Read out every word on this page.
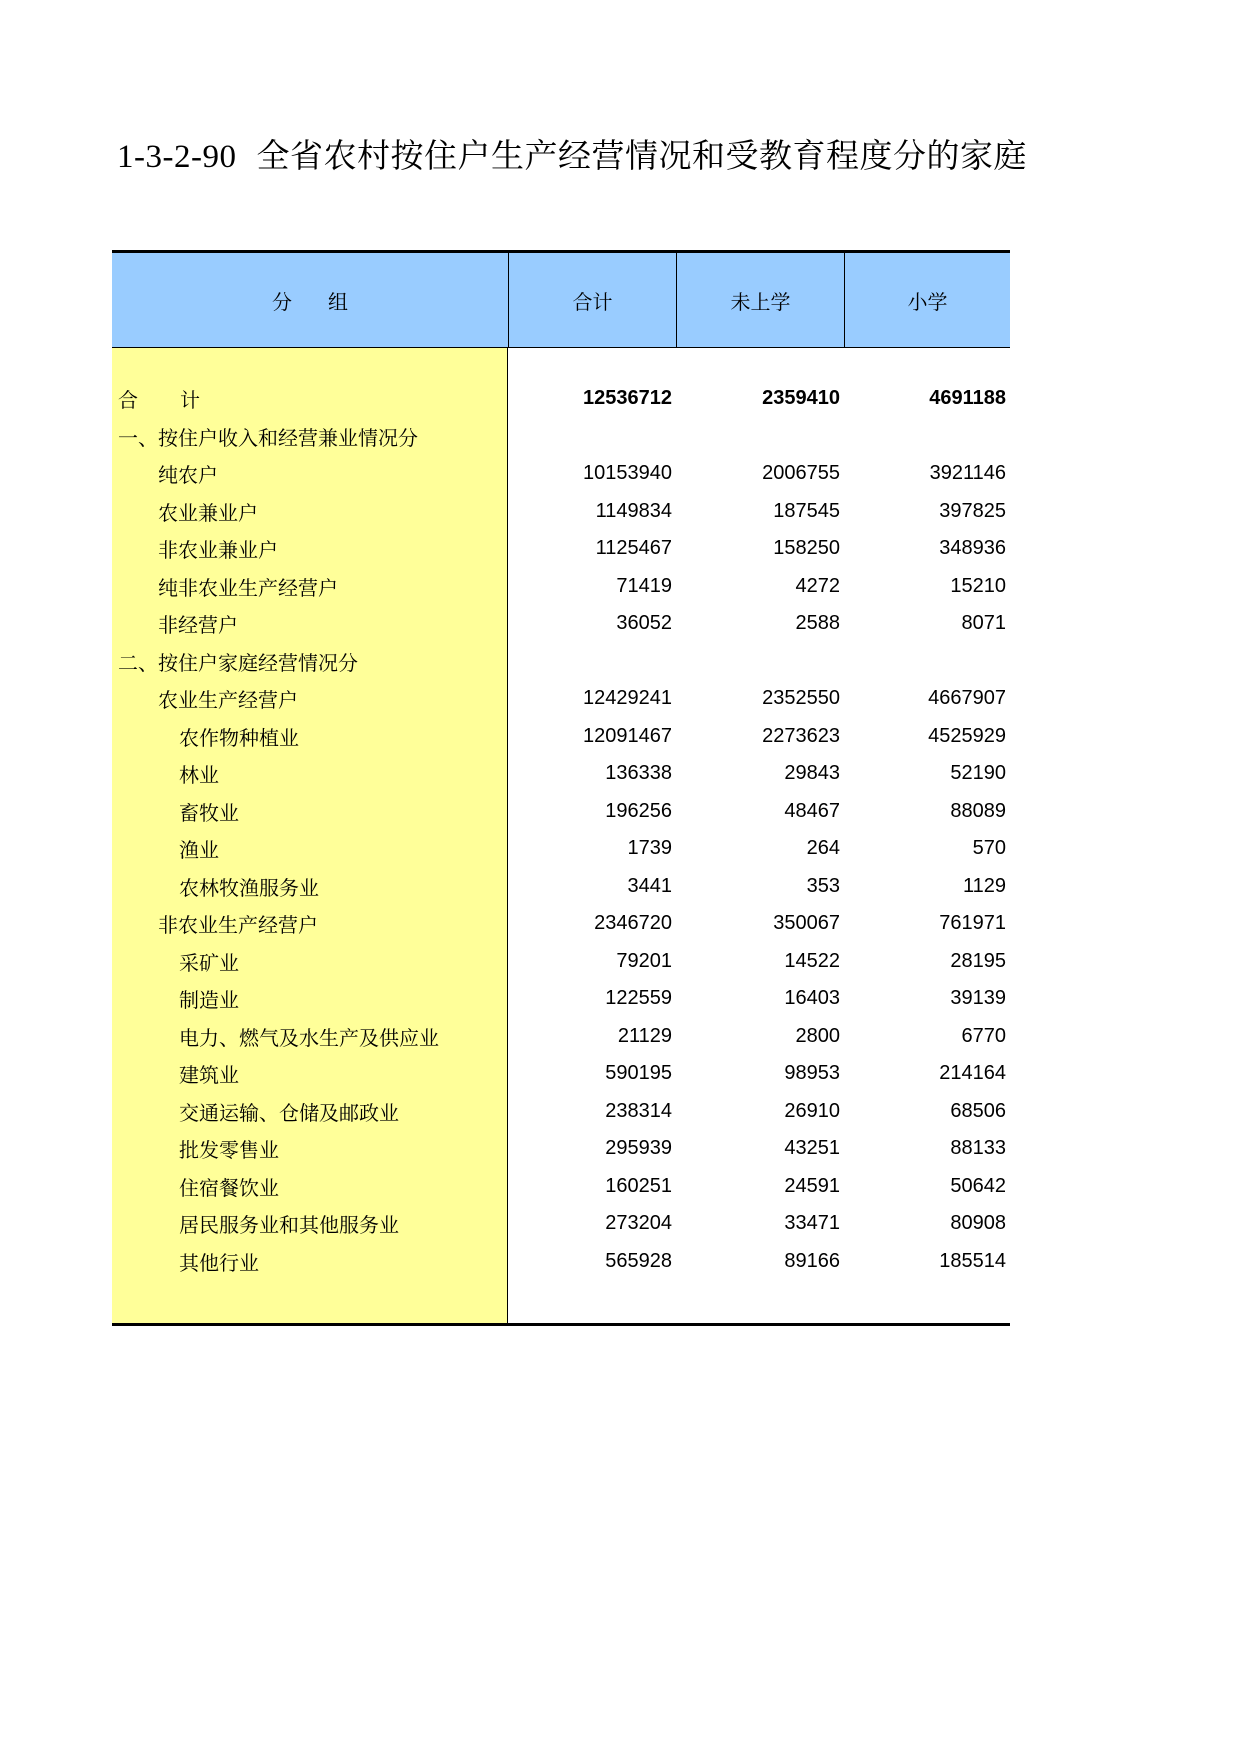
1-3-2-90 全省农村按住户生产经营情况和受教育程度分的家庭
分组	合计	未上学	小学
合计	12536712	2359410	4691188
一、按住户收入和经营兼业情况分
纯农户	10153940	2006755	3921146
农业兼业户	1149834	187545	397825
非农业兼业户	1125467	158250	348936
纯非农业生产经营户	71419	4272	15210
非经营户	36052	2588	8071
二、按住户家庭经营情况分
农业生产经营户	12429241	2352550	4667907
农作物种植业	12091467	2273623	4525929
林业	136338	29843	52190
畜牧业	196256	48467	88089
渔业	1739	264	570
农林牧渔服务业	3441	353	1129
非农业生产经营户	2346720	350067	761971
采矿业	79201	14522	28195
制造业	122559	16403	39139
电力、燃气及水生产及供应业	21129	2800	6770
建筑业	590195	98953	214164
交通运输、仓储及邮政业	238314	26910	68506
批发零售业	295939	43251	88133
住宿餐饮业	160251	24591	50642
居民服务业和其他服务业	273204	33471	80908
其他行业	565928	89166	185514
